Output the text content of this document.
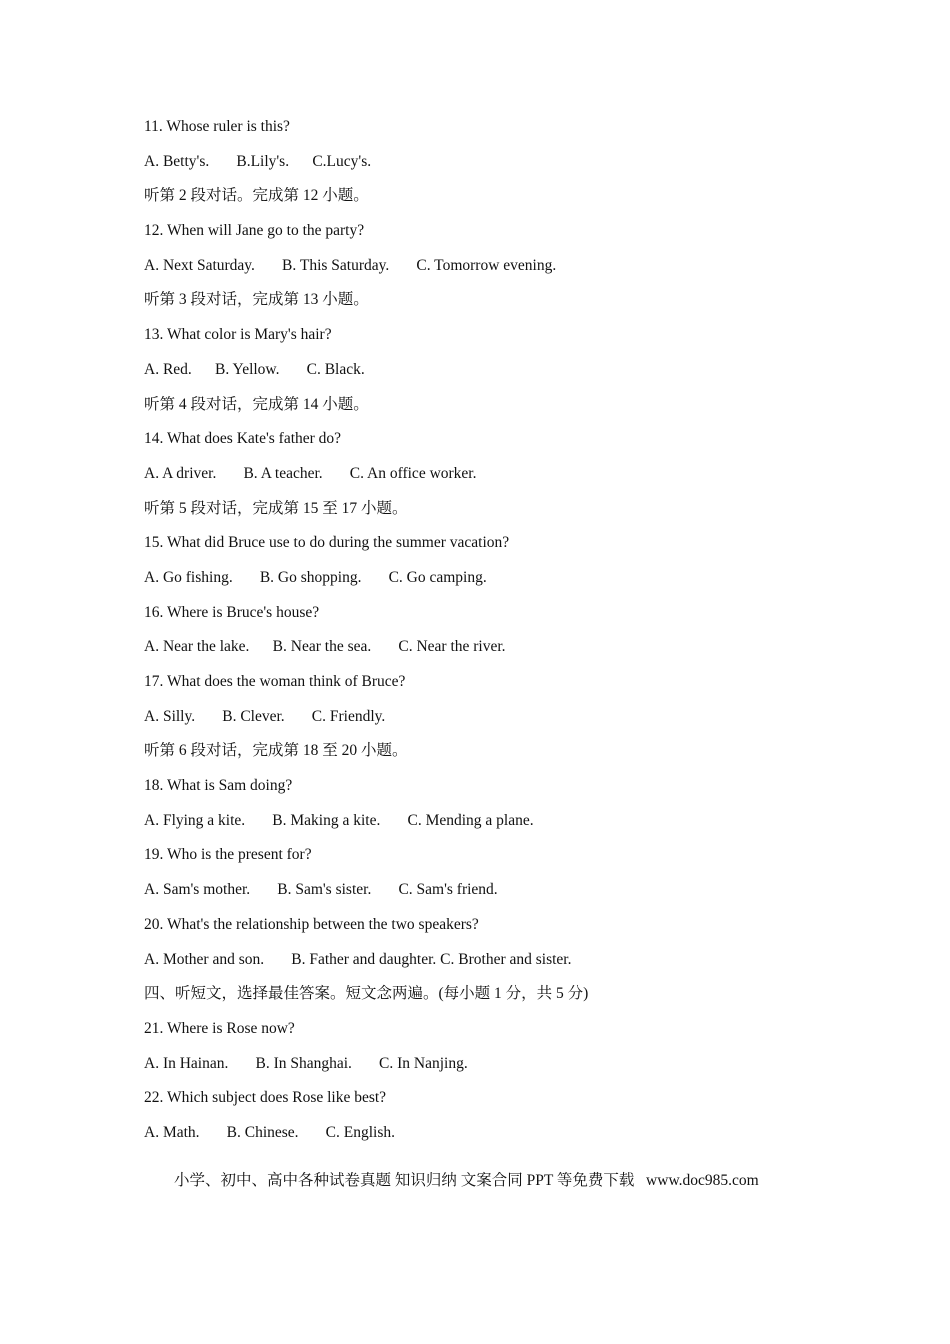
11. Whose ruler is this?
A. Betty's.       B.Lily's.      C.Lucy's.
听第 2 段对话。完成第 12 小题。
12. When will Jane go to the party?
A. Next Saturday.       B. This Saturday.       C. Tomorrow evening.
听第 3 段对话，完成第 13 小题。
13. What color is Mary's hair?
A. Red.      B. Yellow.       C. Black.
听第 4 段对话，完成第 14 小题。
14. What does Kate's father do?
A. A driver.       B. A teacher.       C. An office worker.
听第 5 段对话，完成第 15 至 17 小题。
15. What did Bruce use to do during the summer vacation?
A. Go fishing.       B. Go shopping.       C. Go camping.
16. Where is Bruce's house?
A. Near the lake.      B. Near the sea.       C. Near the river.
17. What does the woman think of Bruce?
A. Silly.       B. Clever.       C. Friendly.
听第 6 段对话，完成第 18 至 20 小题。
18. What is Sam doing?
A. Flying a kite.       B. Making a kite.       C. Mending a plane.
19. Who is the present for?
A. Sam's mother.       B. Sam's sister.       C. Sam's friend.
20. What's the relationship between the two speakers?
A. Mother and son.       B. Father and daughter. C. Brother and sister.
四、听短文，选择最佳答案。短文念两遍。(每小题 1 分，共 5 分)
21. Where is Rose now?
A. In Hainan.       B. In Shanghai.       C. In Nanjing.
22. Which subject does Rose like best?
A. Math.       B. Chinese.       C. English.
小学、初中、高中各种试卷真题 知识归纳 文案合同 PPT 等免费下载   www.doc985.com
